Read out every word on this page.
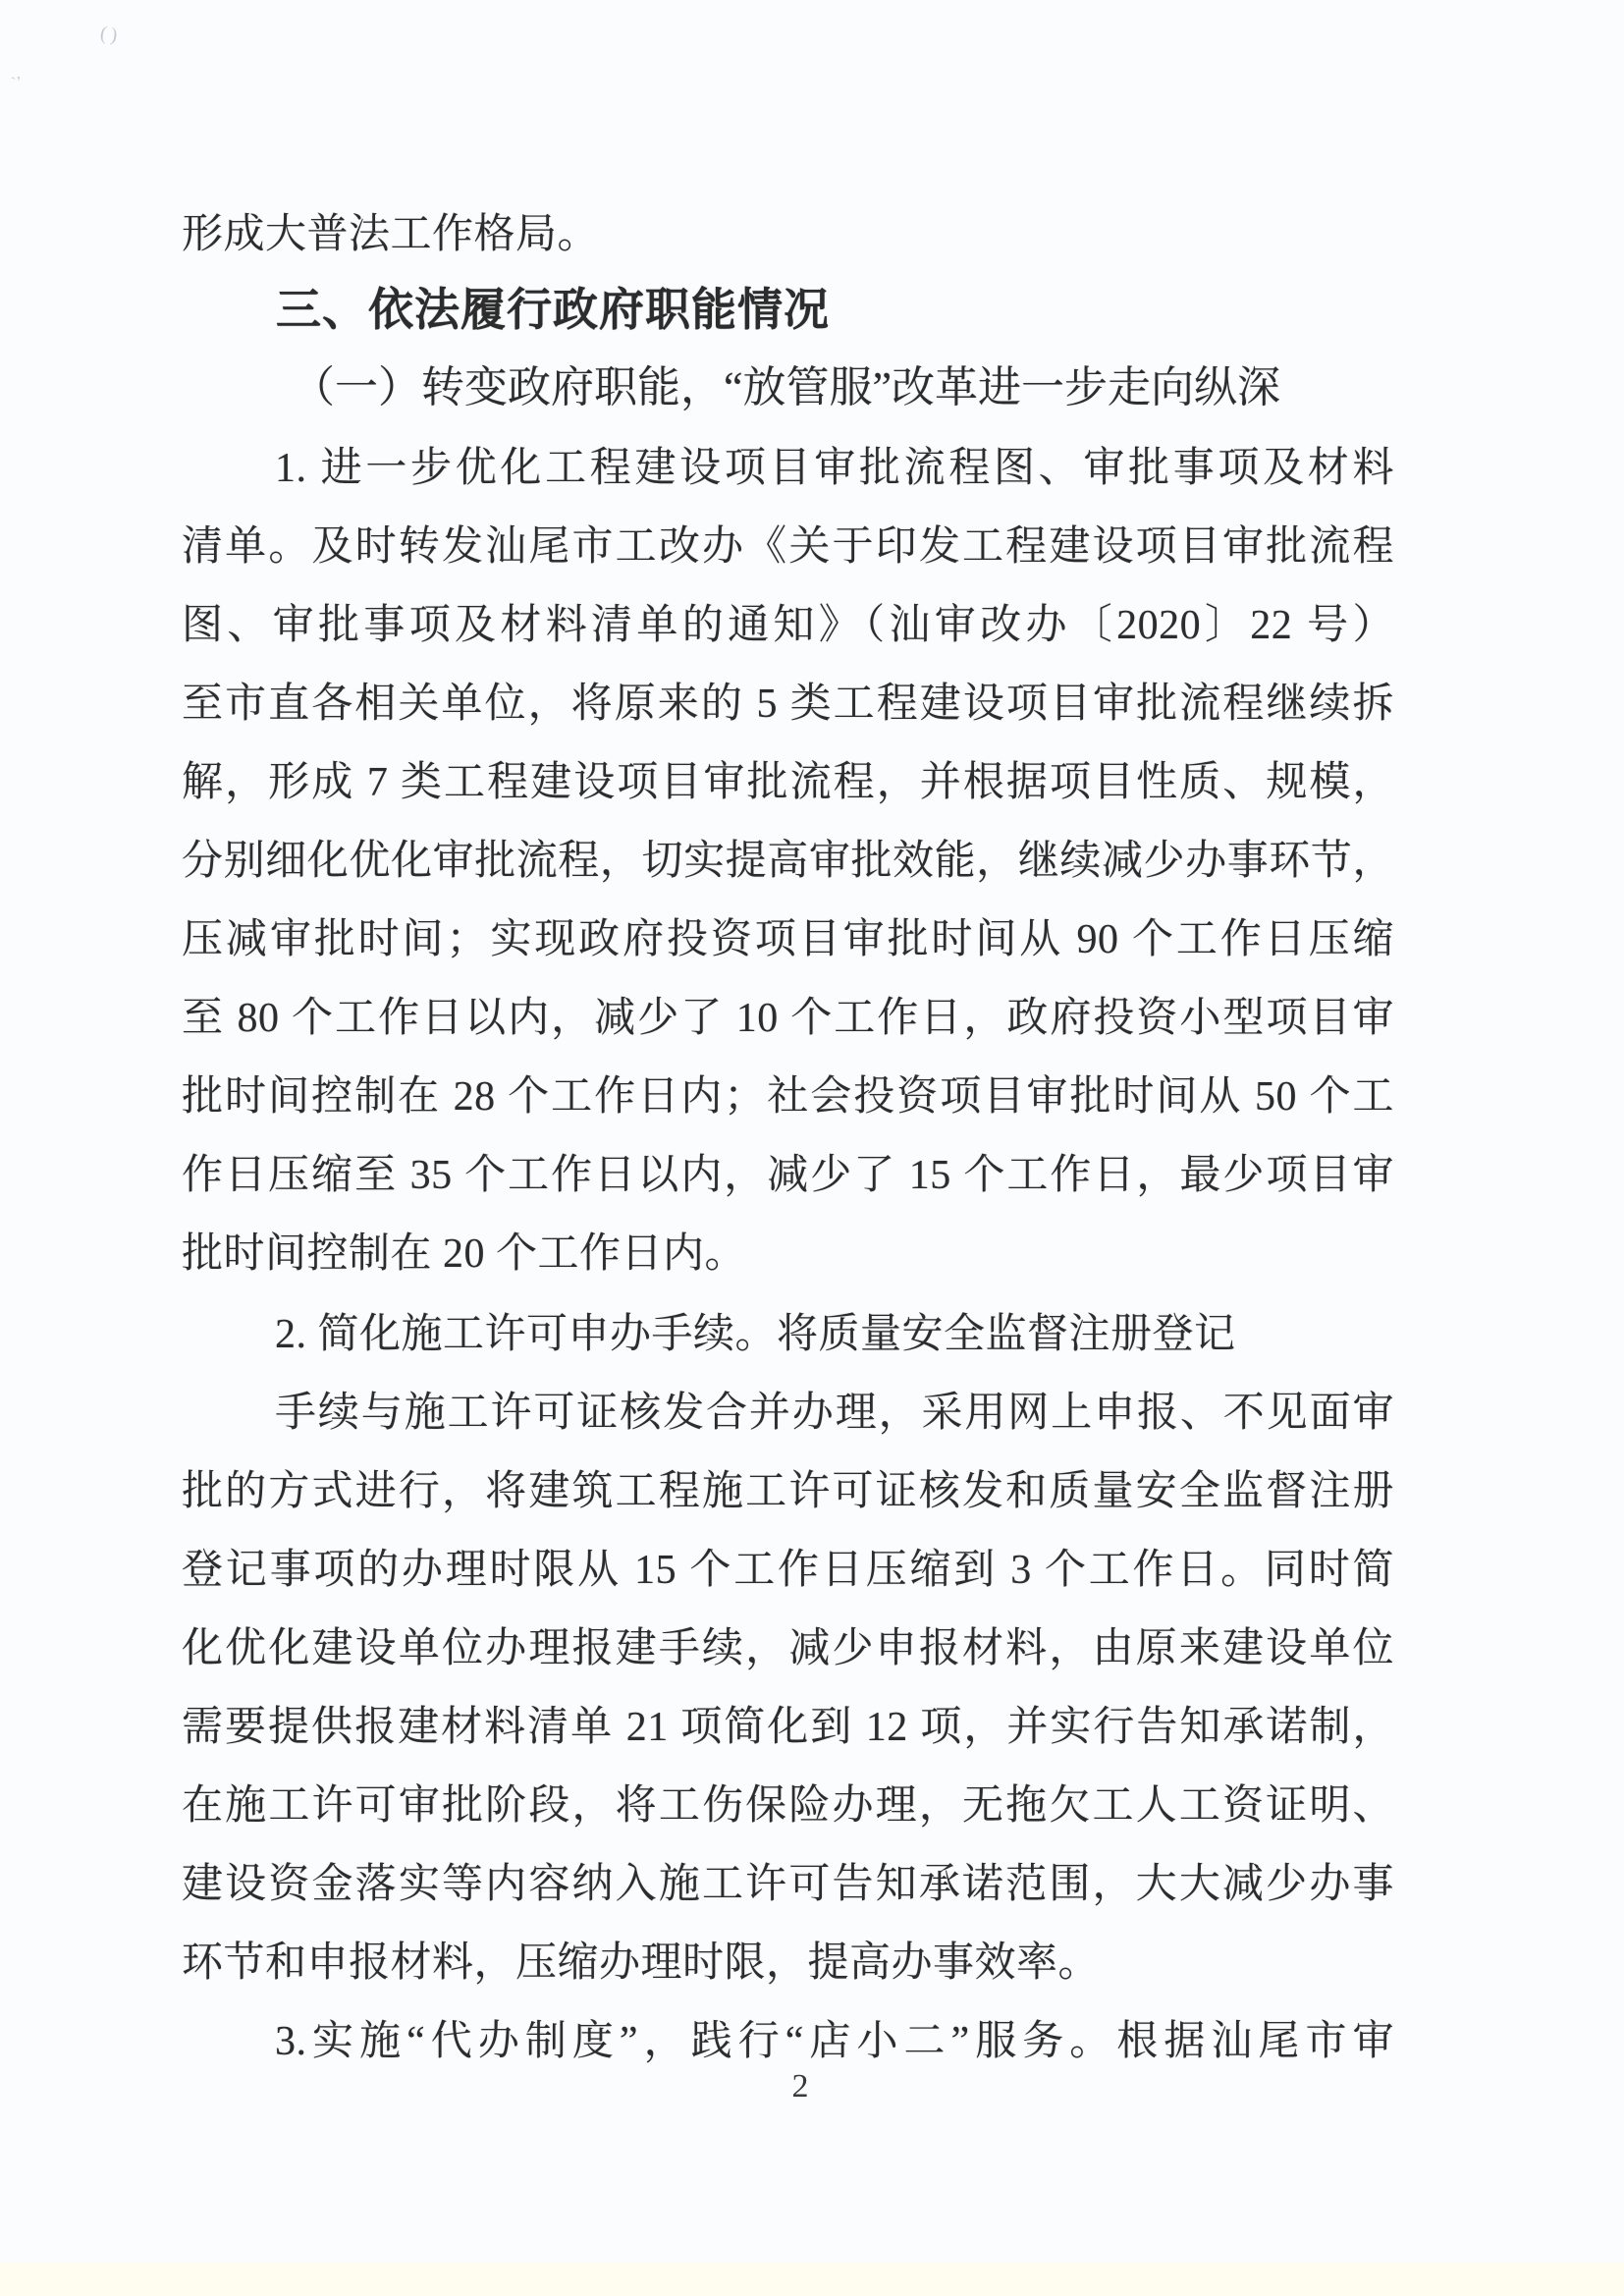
( )
`’
形成大普法工作格局。
三、依法履行政府职能情况
（一）转变政府职能，“放管服”改革进一步走向纵深
1. 进一步优化工程建设项目审批流程图、审批事项及材料
清单。及时转发汕尾市工改办《关于印发工程建设项目审批流程
图、审批事项及材料清单的通知》（汕审改办〔2020〕22 号）
至市直各相关单位，将原来的 5 类工程建设项目审批流程继续拆
解，形成 7 类工程建设项目审批流程，并根据项目性质、规模，
分别细化优化审批流程，切实提高审批效能，继续减少办事环节，
压减审批时间；实现政府投资项目审批时间从 90 个工作日压缩
至 80 个工作日以内，减少了 10 个工作日，政府投资小型项目审
批时间控制在 28 个工作日内；社会投资项目审批时间从 50 个工
作日压缩至 35 个工作日以内，减少了 15 个工作日，最少项目审
批时间控制在 20 个工作日内。
2. 简化施工许可申办手续。将质量安全监督注册登记
手续与施工许可证核发合并办理，采用网上申报、不见面审
批的方式进行，将建筑工程施工许可证核发和质量安全监督注册
登记事项的办理时限从 15 个工作日压缩到 3 个工作日。同时简
化优化建设单位办理报建手续，减少申报材料，由原来建设单位
需要提供报建材料清单 21 项简化到 12 项，并实行告知承诺制，
在施工许可审批阶段，将工伤保险办理，无拖欠工人工资证明、
建设资金落实等内容纳入施工许可告知承诺范围，大大减少办事
环节和申报材料，压缩办理时限，提高办事效率。
3.实施“代办制度”，践行“店小二”服务。根据汕尾市审
2
